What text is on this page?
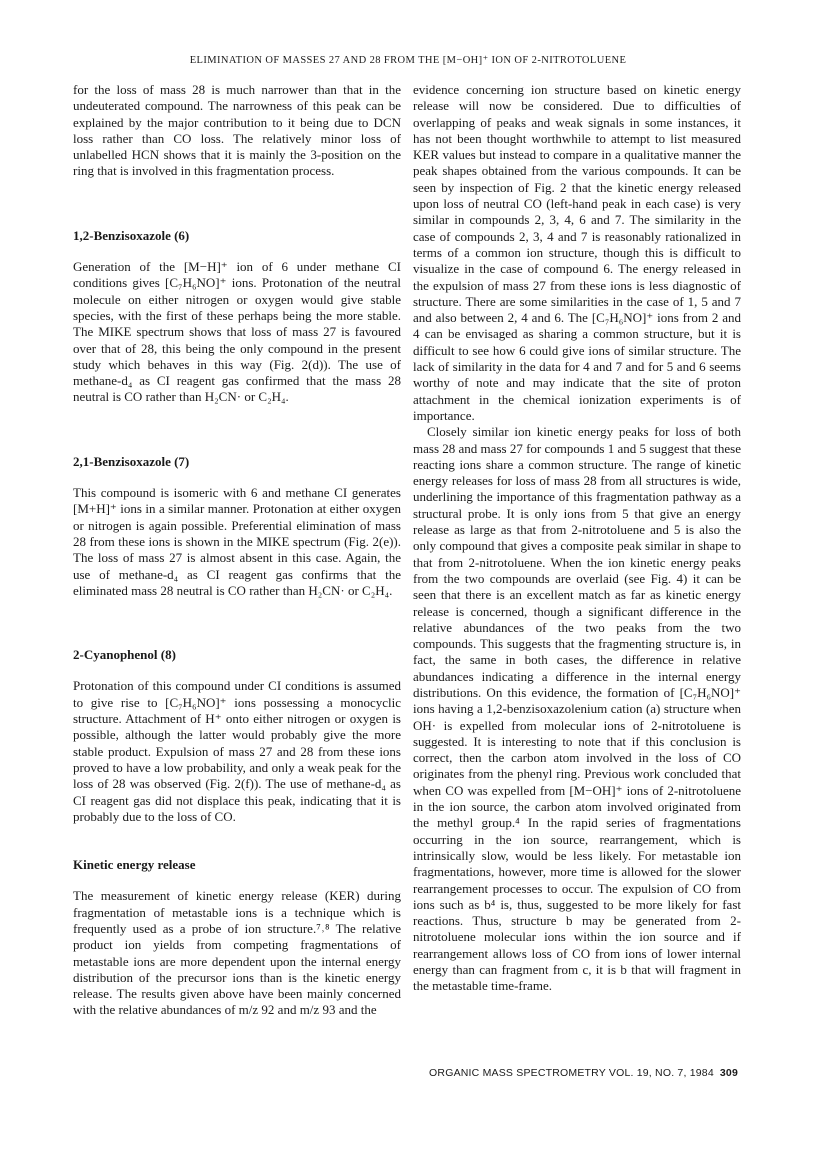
ELIMINATION OF MASSES 27 AND 28 FROM THE [M−OH]⁺ ION OF 2-NITROTOLUENE

for the loss of mass 28 is much narrower than that in the undeuterated compound. The narrowness of this peak can be explained by the major contribution to it being due to DCN loss rather than CO loss. The relatively minor loss of unlabelled HCN shows that it is mainly the 3-position on the ring that is involved in this fragmentation process.

1,2-Benzisoxazole (6)

Generation of the [M−H]⁺ ion of 6 under methane CI conditions gives [C₇H₆NO]⁺ ions. Protonation of the neutral molecule on either nitrogen or oxygen would give stable species, with the first of these perhaps being the more stable. The MIKE spectrum shows that loss of mass 27 is favoured over that of 28, this being the only compound in the present study which behaves in this way (Fig. 2(d)). The use of methane-d₄ as CI reagent gas confirmed that the mass 28 neutral is CO rather than H₂CN· or C₂H₄.

2,1-Benzisoxazole (7)

This compound is isomeric with 6 and methane CI generates [M+H]⁺ ions in a similar manner. Protonation at either oxygen or nitrogen is again possible. Preferential elimination of mass 28 from these ions is shown in the MIKE spectrum (Fig. 2(e)). The loss of mass 27 is almost absent in this case. Again, the use of methane-d₄ as CI reagent gas confirms that the eliminated mass 28 neutral is CO rather than H₂CN· or C₂H₄.

2-Cyanophenol (8)

Protonation of this compound under CI conditions is assumed to give rise to [C₇H₆NO]⁺ ions possessing a monocyclic structure. Attachment of H⁺ onto either nitrogen or oxygen is possible, although the latter would probably give the more stable product. Expulsion of mass 27 and 28 from these ions proved to have a low probability, and only a weak peak for the loss of 28 was observed (Fig. 2(f)). The use of methane-d₄ as CI reagent gas did not displace this peak, indicating that it is probably due to the loss of CO.

Kinetic energy release

The measurement of kinetic energy release (KER) during fragmentation of metastable ions is a technique which is frequently used as a probe of ion structure.⁷˒⁸ The relative product ion yields from competing fragmentations of metastable ions are more dependent upon the internal energy distribution of the precursor ions than is the kinetic energy release. The results given above have been mainly concerned with the relative abundances of m/z 92 and m/z 93 and the

evidence concerning ion structure based on kinetic energy release will now be considered. Due to difficulties of overlapping of peaks and weak signals in some instances, it has not been thought worthwhile to attempt to list measured KER values but instead to compare in a qualitative manner the peak shapes obtained from the various compounds. It can be seen by inspection of Fig. 2 that the kinetic energy released upon loss of neutral CO (left-hand peak in each case) is very similar in compounds 2, 3, 4, 6 and 7. The similarity in the case of compounds 2, 3, 4 and 7 is reasonably rationalized in terms of a common ion structure, though this is difficult to visualize in the case of compound 6. The energy released in the expulsion of mass 27 from these ions is less diagnostic of structure. There are some similarities in the case of 1, 5 and 7 and also between 2, 4 and 6. The [C₇H₆NO]⁺ ions from 2 and 4 can be envisaged as sharing a common structure, but it is difficult to see how 6 could give ions of similar structure. The lack of similarity in the data for 4 and 7 and for 5 and 6 seems worthy of note and may indicate that the site of proton attachment in the chemical ionization experiments is of importance.

Closely similar ion kinetic energy peaks for loss of both mass 28 and mass 27 for compounds 1 and 5 suggest that these reacting ions share a common structure. The range of kinetic energy releases for loss of mass 28 from all structures is wide, underlining the importance of this fragmentation pathway as a structural probe. It is only ions from 5 that give an energy release as large as that from 2-nitrotoluene and 5 is also the only compound that gives a composite peak similar in shape to that from 2-nitrotoluene. When the ion kinetic energy peaks from the two compounds are overlaid (see Fig. 4) it can be seen that there is an excellent match as far as kinetic energy release is concerned, though a significant difference in the relative abundances of the two peaks from the two compounds. This suggests that the fragmenting structure is, in fact, the same in both cases, the difference in relative abundances indicating a difference in the internal energy distributions. On this evidence, the formation of [C₇H₆NO]⁺ ions having a 1,2-benzisoxazolenium cation (a) structure when OH· is expelled from molecular ions of 2-nitrotoluene is suggested. It is interesting to note that if this conclusion is correct, then the carbon atom involved in the loss of CO originates from the phenyl ring. Previous work concluded that when CO was expelled from [M−OH]⁺ ions of 2-nitrotoluene in the ion source, the carbon atom involved originated from the methyl group.⁴ In the rapid series of fragmentations occurring in the ion source, rearrangement, which is intrinsically slow, would be less likely. For metastable ion fragmentations, however, more time is allowed for the slower rearrangement processes to occur. The expulsion of CO from ions such as b⁴ is, thus, suggested to be more likely for fast reactions. Thus, structure b may be generated from 2-nitrotoluene molecular ions within the ion source and if rearrangement allows loss of CO from ions of lower internal energy than can fragment from c, it is b that will fragment in the metastable time-frame.

ORGANIC MASS SPECTROMETRY VOL. 19, NO. 7, 1984 309
